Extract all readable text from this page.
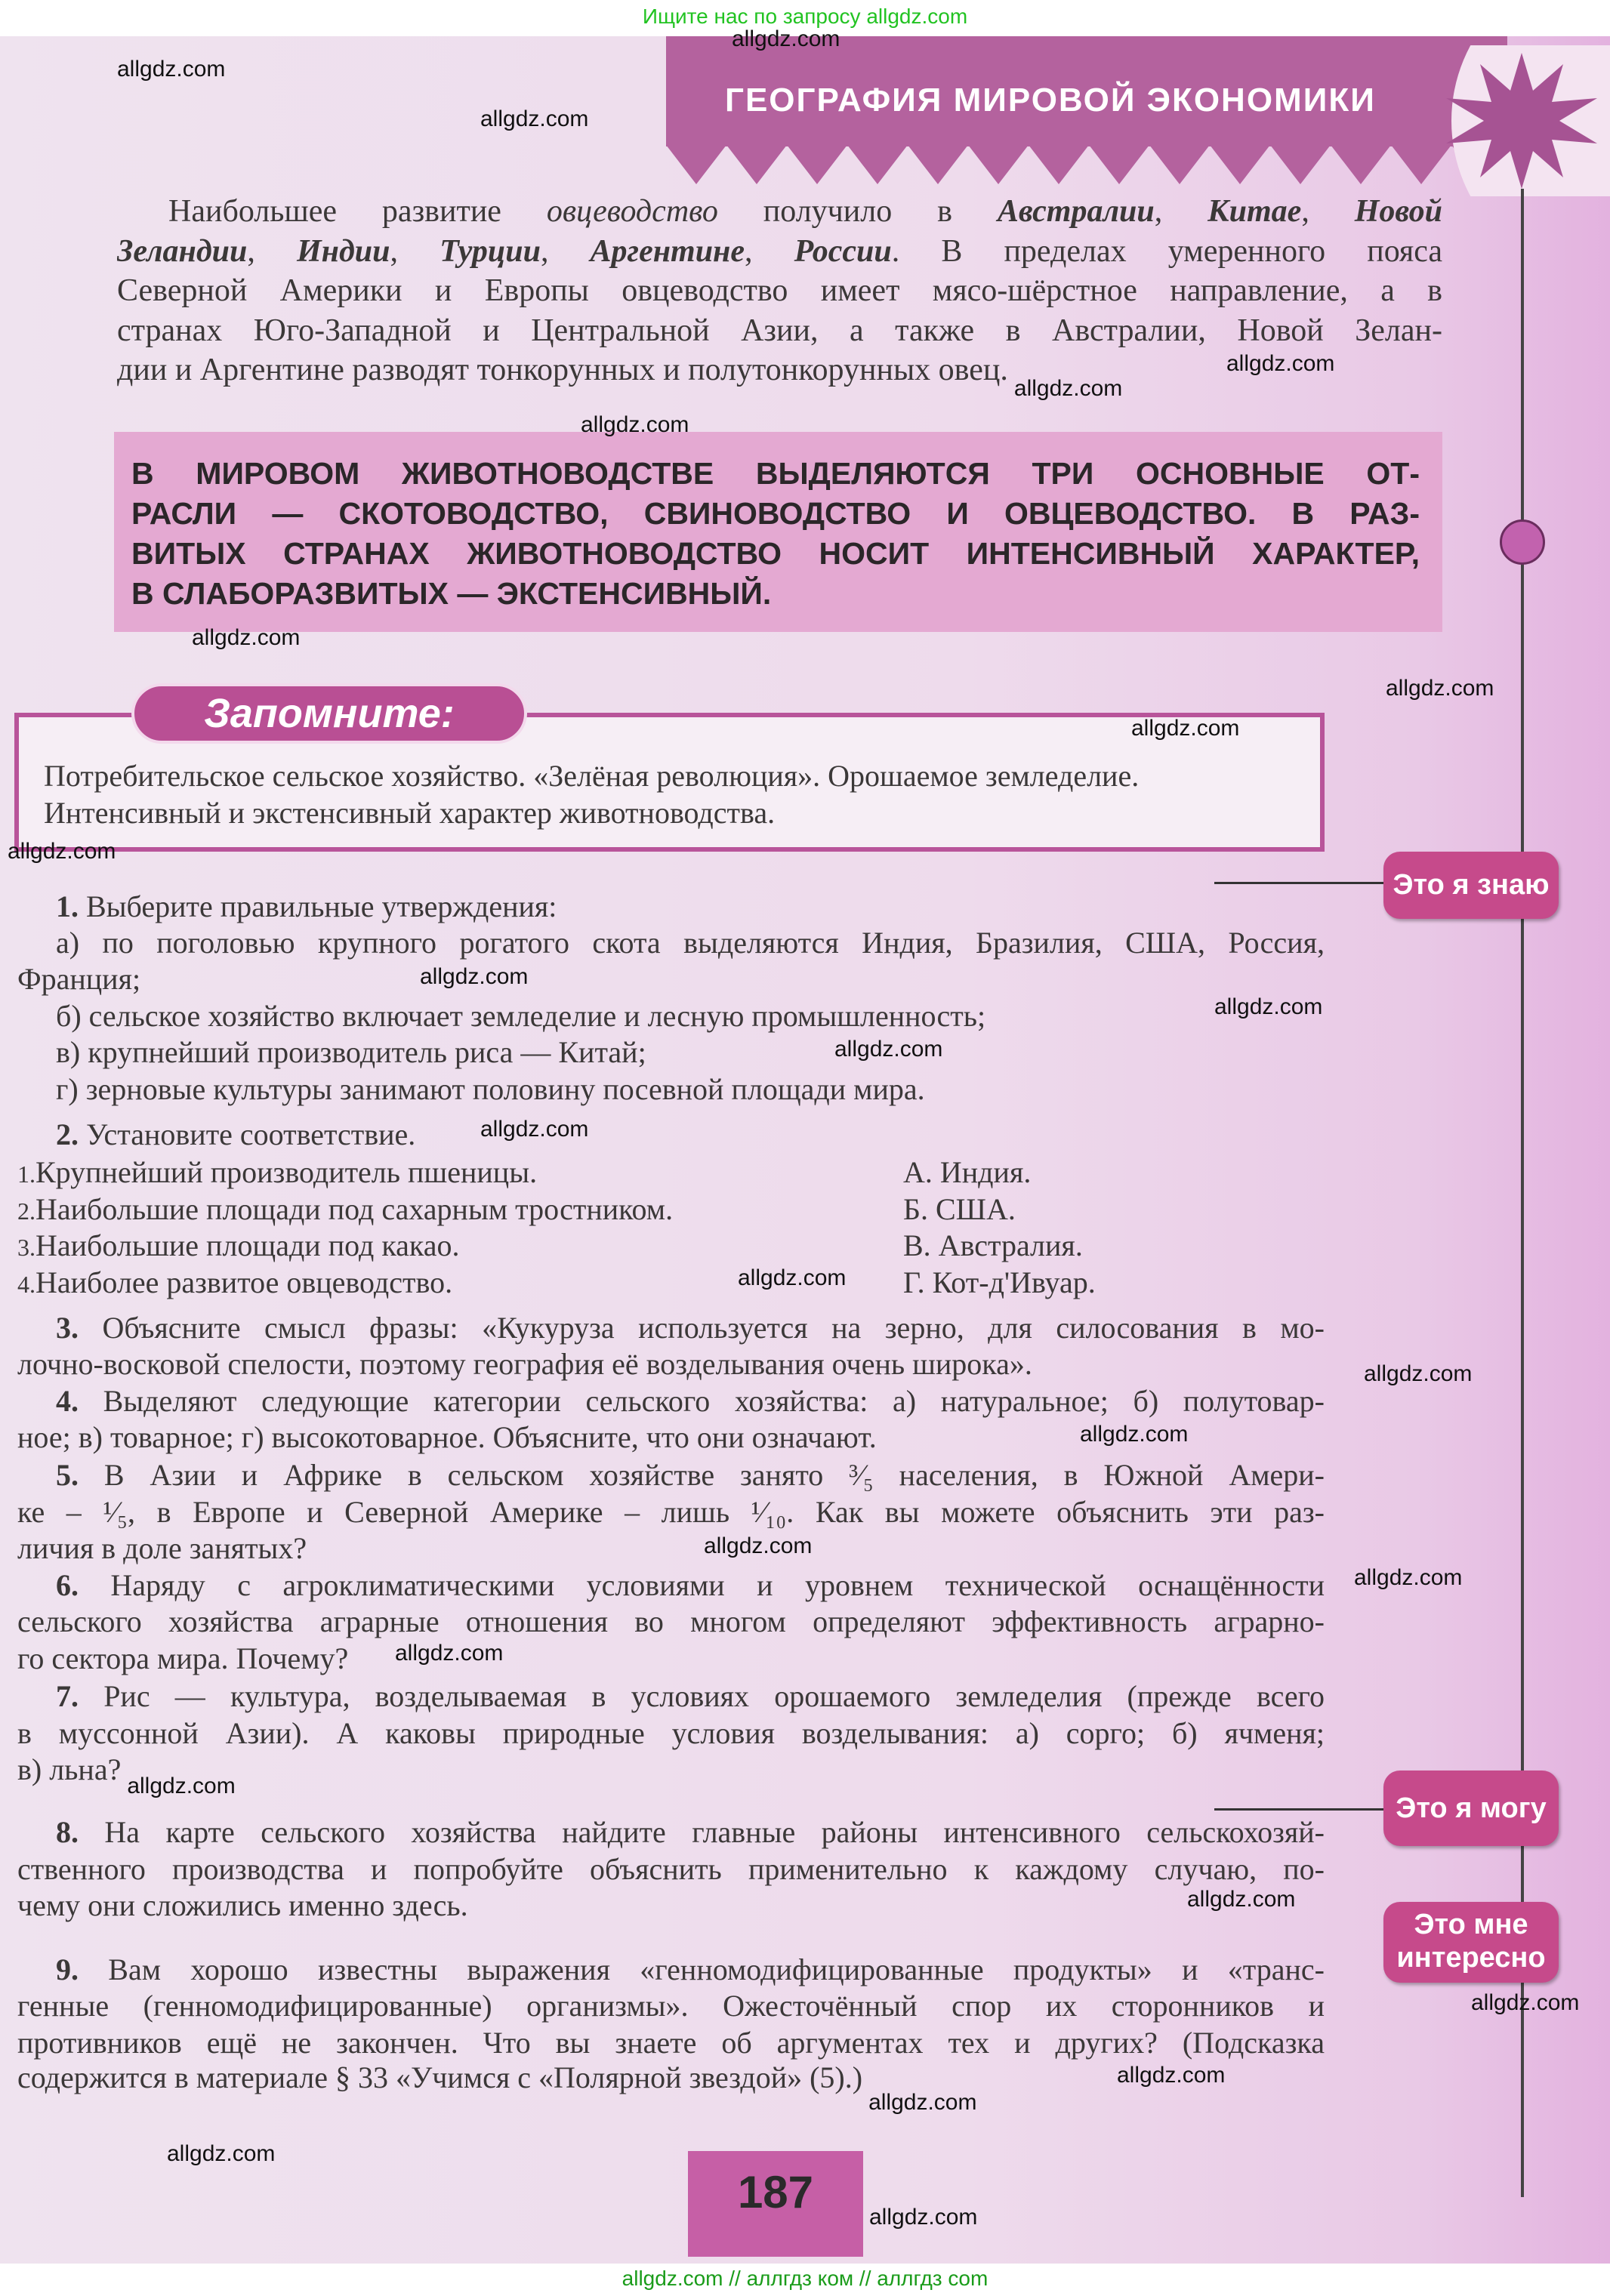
Ищите нас по запросу allgdz.com
ГЕОГРАФИЯ МИРОВОЙ ЭКОНОМИКИ
Наибольшее развитие овцеводство получило в Австралии, Китае, Новой
Зеландии, Индии, Турции, Аргентине, России. В пределах умеренного пояса
Северной Америки и Европы овцеводство имеет мясо-шёрстное направление, а в
странах Юго-Западной и Центральной Азии, а также в Австралии, Новой Зелан-
дии и Аргентине разводят тонкорунных и полутонкорунных овец.
В МИРОВОМ ЖИВОТНОВОДСТВЕ ВЫДЕЛЯЮТСЯ ТРИ ОСНОВНЫЕ ОТ-
РАСЛИ — СКОТОВОДСТВО, СВИНОВОДСТВО И ОВЦЕВОДСТВО. В РАЗ-
ВИТЫХ СТРАНАХ ЖИВОТНОВОДСТВО НОСИТ ИНТЕНСИВНЫЙ ХАРАКТЕР,
В СЛАБОРАЗВИТЫХ — ЭКСТЕНСИВНЫЙ.
Запомните:
Потребительское сельское хозяйство. «Зелёная революция». Орошаемое земледелие.
Интенсивный и экстенсивный характер животноводства.
Это я знаю
Это я могу
Это мне
интересно
1. Выберите правильные утверждения:
а) по поголовью крупного рогатого скота выделяются Индия, Бразилия, США, Россия,
Франция;
б) сельское хозяйство включает земледелие и лесную промышленность;
в) крупнейший производитель риса — Китай;
г) зерновые культуры занимают половину посевной площади мира.
2. Установите соответствие.
3. Объясните смысл фразы: «Кукуруза используется на зерно, для силосования в мо-
лочно-восковой спелости, поэтому география её возделывания очень широка».
4. Выделяют следующие категории сельского хозяйства: а) натуральное; б) полутовар-
ное; в) товарное; г) высокотоварное. Объясните, что они означают.
5. В Азии и Африке в сельском хозяйстве занято ³⁄₅ населения, в Южной Амери-
ке – ¹⁄₅, в Европе и Северной Америке – лишь ¹⁄₁₀. Как вы можете объяснить эти раз-
личия в доле занятых?
6. Наряду с агроклиматическими условиями и уровнем технической оснащённости
сельского хозяйства аграрные отношения во многом определяют эффективность аграрно-
го сектора мира. Почему?
7. Рис — культура, возделываемая в условиях орошаемого земледелия (прежде всего
в муссонной Азии). А каковы природные условия возделывания: а) сорго; б) ячменя;
в) льна?
8. На карте сельского хозяйства найдите главные районы интенсивного сельскохозяй-
ственного производства и попробуйте объяснить применительно к каждому случаю, по-
чему они сложились именно здесь.
9. Вам хорошо известны выражения «генномодифицированные продукты» и «транс-
генные (генномодифицированные) организмы». Ожесточённый спор их сторонников и
противников ещё не закончен. Что вы знаете об аргументах тех и других? (Подсказка
содержится в материале § 33 «Учимся с «Полярной звездой» (5).)
1.Крупнейший производитель пшеницы.	А. Индия.
2.Наибольшие площади под сахарным тростником.	Б. США.
3.Наибольшие площади под какао.	В. Австралия.
4.Наиболее развитое овцеводство.	Г. Кот-д'Ивуар.
187
allgdz.com // аллгдз ком // аллгдз com
allgdz.com
allgdz.com
allgdz.com
allgdz.com
allgdz.com
allgdz.com
allgdz.com
allgdz.com
allgdz.com
allgdz.com
allgdz.com
allgdz.com
allgdz.com
allgdz.com
allgdz.com
allgdz.com
allgdz.com
allgdz.com
allgdz.com
allgdz.com
allgdz.com
allgdz.com
allgdz.com
allgdz.com
allgdz.com
allgdz.com
allgdz.com
